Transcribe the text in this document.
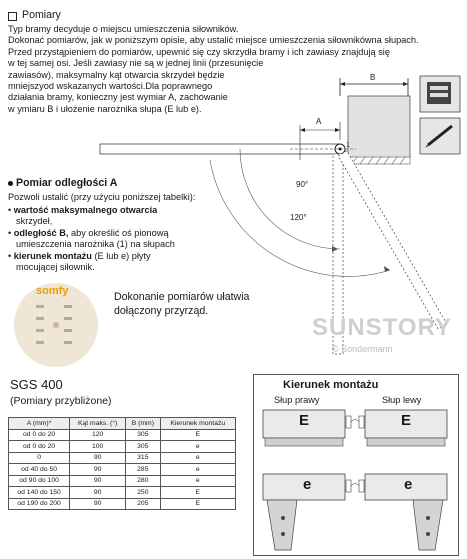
Pomiary
Typ bramy decyduje o miejscu umieszczenia siłowników.
Dokonać pomiarów, jak w poniższym opisie, aby ustalić miejsce umieszczenia siłownikówna słupach.
Przed przystąpieniem do pomiarów, upewnić się czy skrzydła bramy i ich zawiasy znajdują się
w tej samej osi. Jeśli zawiasy nie są w jednej linii (przesunięcie
zawiasów), maksymalny kąt otwarcia skrzydeł będzie
mniejszyod wskazanych wartości.Dla poprawnego
działania bramy, konieczny jest wymiar A, zachowanie
w ymiaru B i ułożenie narożnika słupa (E lub e).
B
A
1
90°
120°
Pomiar odległości A
Pozwoli ustalić (przy użyciu poniższej tabelki):
• wartość maksymalnego otwarcia
skrzydeł,
• odległość B, aby określić oś pionową
umieszczenia narożnika (1) na słupach
• kierunek montażu (E lub e) płyty
mocującej siłownik.
somfy	Dokonanie pomiarów ułatwia
dołączony przyrząd.
SUNSTORY
© Sondermann
SGS 400
(Pomiary przybliżone)
A (mm)*	Kąt maks. (°)	B (mm)	Kierunek montażu
od 0 do 20	120	305	E
od 0 do 20	100	305	e
0	90	315	e
od 40 do 50	90	285	e
od 90 do 100	90	280	e
od 140 do 150	90	250	E
od 190 do 200	90	205	E
Kierunek montażu
Słup prawy	Słup lewy
E	E
e	e
